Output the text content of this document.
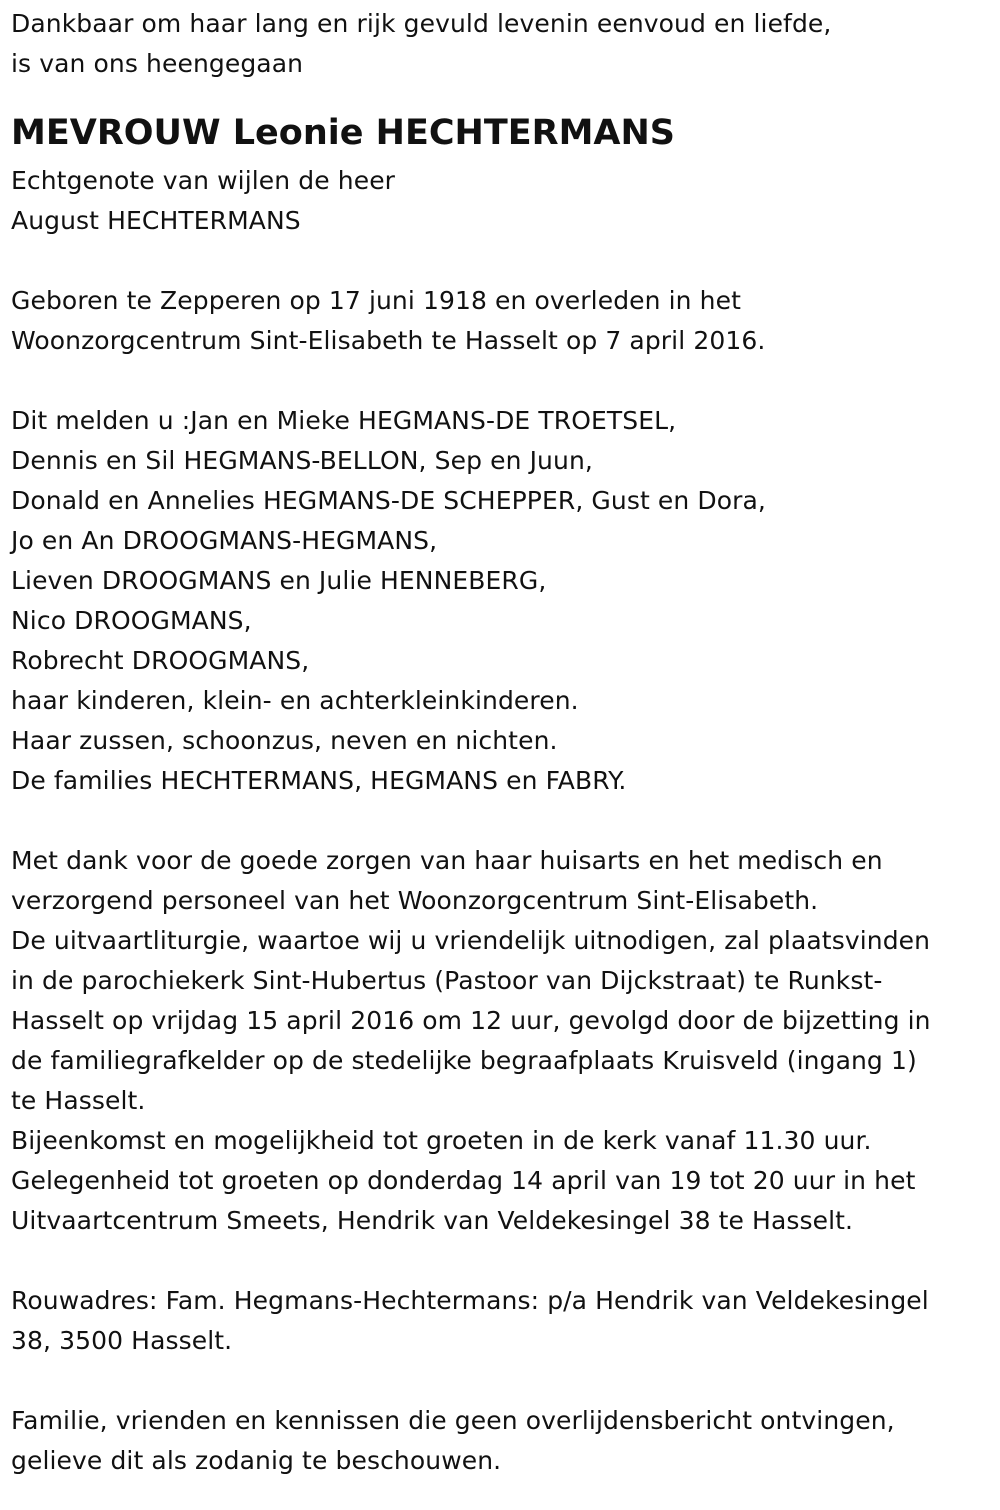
Dankbaar om haar lang en rijk gevuld levenin eenvoud en liefde,
is van ons heengegaan
MEVROUW Leonie HECHTERMANS
Echtgenote van wijlen de heer
August HECHTERMANS
Geboren te Zepperen op 17 juni 1918 en overleden in het
Woonzorgcentrum Sint-Elisabeth te Hasselt op 7 april 2016.
Dit melden u :Jan en Mieke HEGMANS-DE TROETSEL,
Dennis en Sil HEGMANS-BELLON, Sep en Juun,
Donald en Annelies HEGMANS-DE SCHEPPER, Gust en Dora,
Jo en An DROOGMANS-HEGMANS,
Lieven DROOGMANS en Julie HENNEBERG,
Nico DROOGMANS,
Robrecht DROOGMANS,
haar kinderen, klein- en achterkleinkinderen.
Haar zussen, schoonzus, neven en nichten.
De families HECHTERMANS, HEGMANS en FABRY.
Met dank voor de goede zorgen van haar huisarts en het medisch en
verzorgend personeel van het Woonzorgcentrum Sint-Elisabeth.
De uitvaartliturgie, waartoe wij u vriendelijk uitnodigen, zal plaatsvinden
in de parochiekerk Sint-Hubertus (Pastoor van Dijckstraat) te Runkst-
Hasselt op vrijdag 15 april 2016 om 12 uur, gevolgd door de bijzetting in
de familiegrafkelder op de stedelijke begraafplaats Kruisveld (ingang 1)
te Hasselt.
Bijeenkomst en mogelijkheid tot groeten in de kerk vanaf 11.30 uur.
Gelegenheid tot groeten op donderdag 14 april van 19 tot 20 uur in het
Uitvaartcentrum Smeets, Hendrik van Veldekesingel 38 te Hasselt.
Rouwadres: Fam. Hegmans-Hechtermans: p/a Hendrik van Veldekesingel
38, 3500 Hasselt.
Familie, vrienden en kennissen die geen overlijdensbericht ontvingen,
gelieve dit als zodanig te beschouwen.
